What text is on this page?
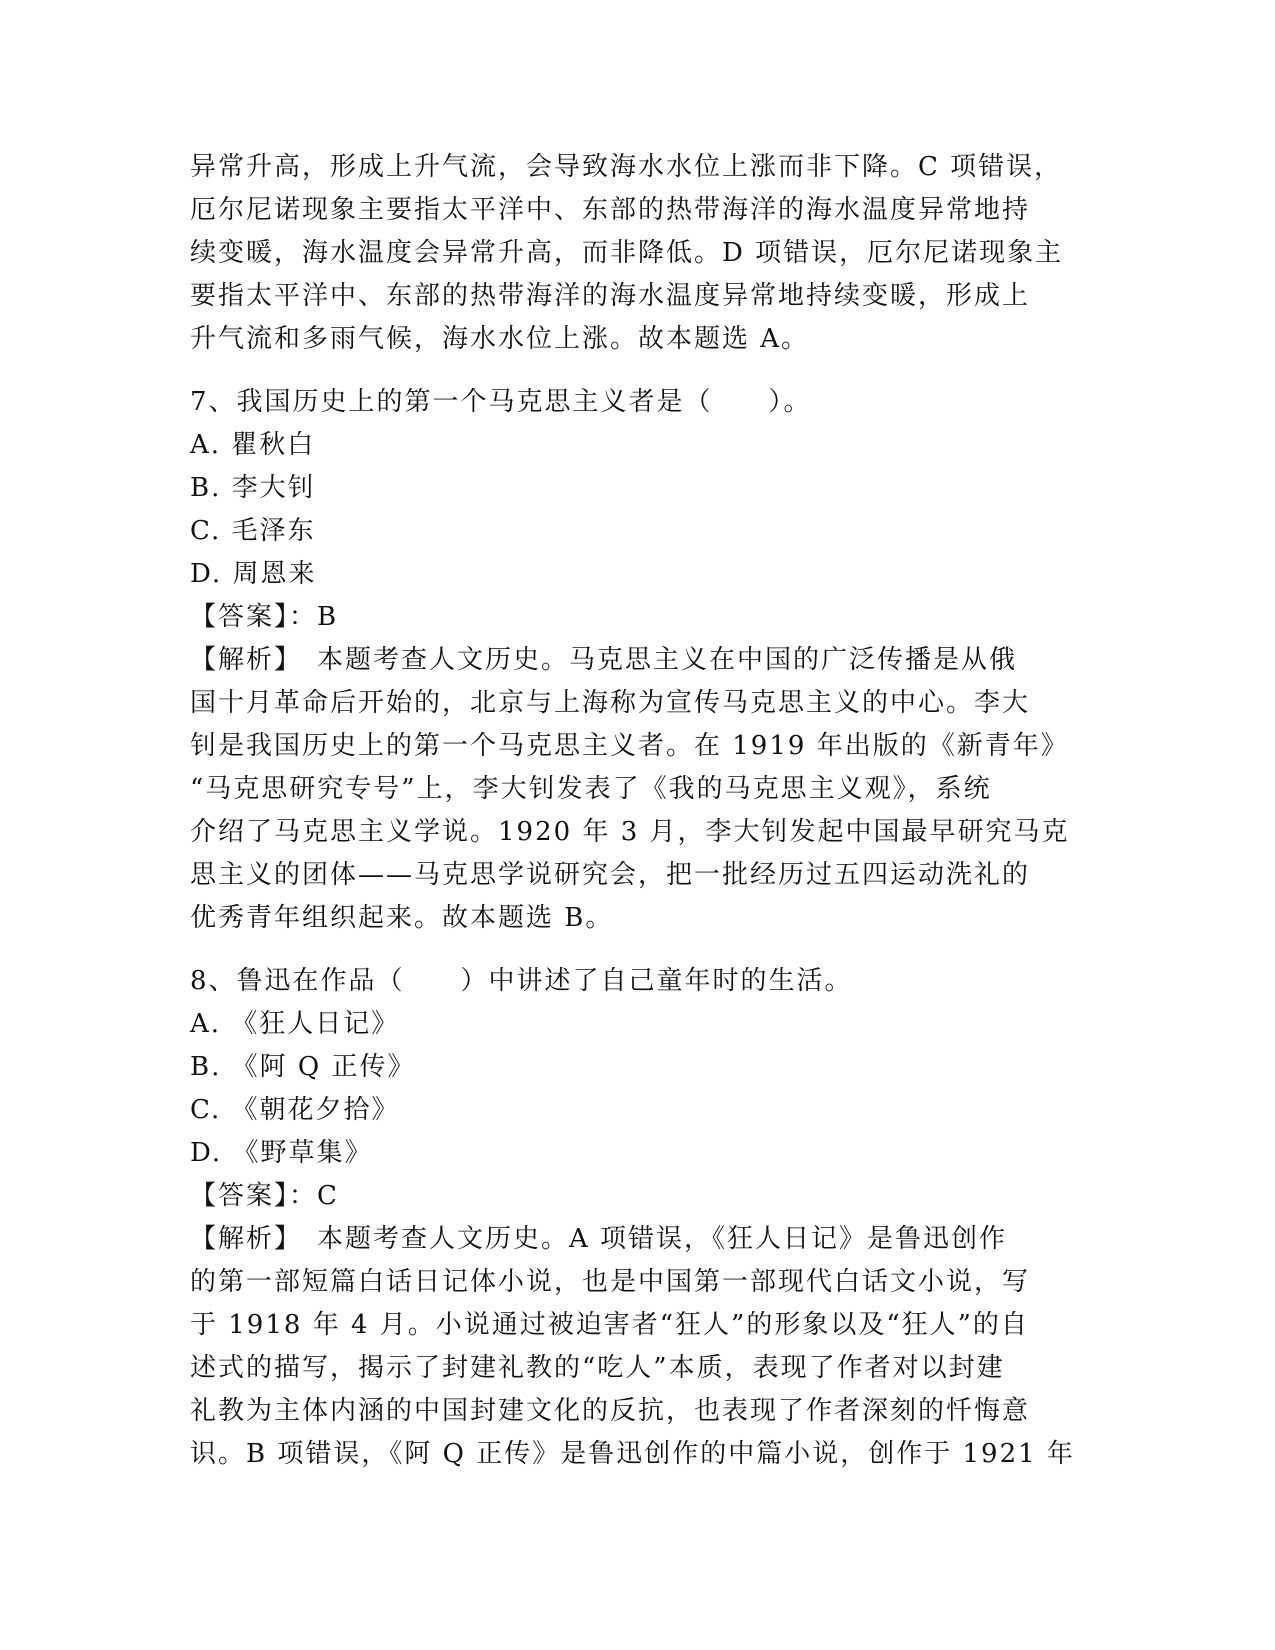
异常升高，形成上升气流，会导致海水水位上涨而非下降。C 项错误，
厄尔尼诺现象主要指太平洋中、东部的热带海洋的海水温度异常地持
续变暖，海水温度会异常升高，而非降低。D 项错误，厄尔尼诺现象主
要指太平洋中、东部的热带海洋的海水温度异常地持续变暖，形成上
升气流和多雨气候，海水水位上涨。故本题选 A。
7、我国历史上的第一个马克思主义者是（　　）。
A. 瞿秋白
B. 李大钊
C. 毛泽东
D. 周恩来
【答案】：B
【解析】　本题考查人文历史。马克思主义在中国的广泛传播是从俄
国十月革命后开始的，北京与上海称为宣传马克思主义的中心。李大
钊是我国历史上的第一个马克思主义者。在 1919 年出版的《新青年》
“马克思研究专号”上，李大钊发表了《我的马克思主义观》，系统
介绍了马克思主义学说。1920 年 3 月，李大钊发起中国最早研究马克
思主义的团体——马克思学说研究会，把一批经历过五四运动洗礼的
优秀青年组织起来。故本题选 B。
8、鲁迅在作品（　　）中讲述了自己童年时的生活。
A. 《狂人日记》
B. 《阿 Q 正传》
C. 《朝花夕拾》
D. 《野草集》
【答案】：C
【解析】　本题考查人文历史。A 项错误，《狂人日记》是鲁迅创作
的第一部短篇白话日记体小说，也是中国第一部现代白话文小说，写
于 1918 年 4 月。小说通过被迫害者“狂人”的形象以及“狂人”的自
述式的描写，揭示了封建礼教的“吃人”本质，表现了作者对以封建
礼教为主体内涵的中国封建文化的反抗，也表现了作者深刻的忏悔意
识。B 项错误，《阿 Q 正传》是鲁迅创作的中篇小说，创作于 1921 年
